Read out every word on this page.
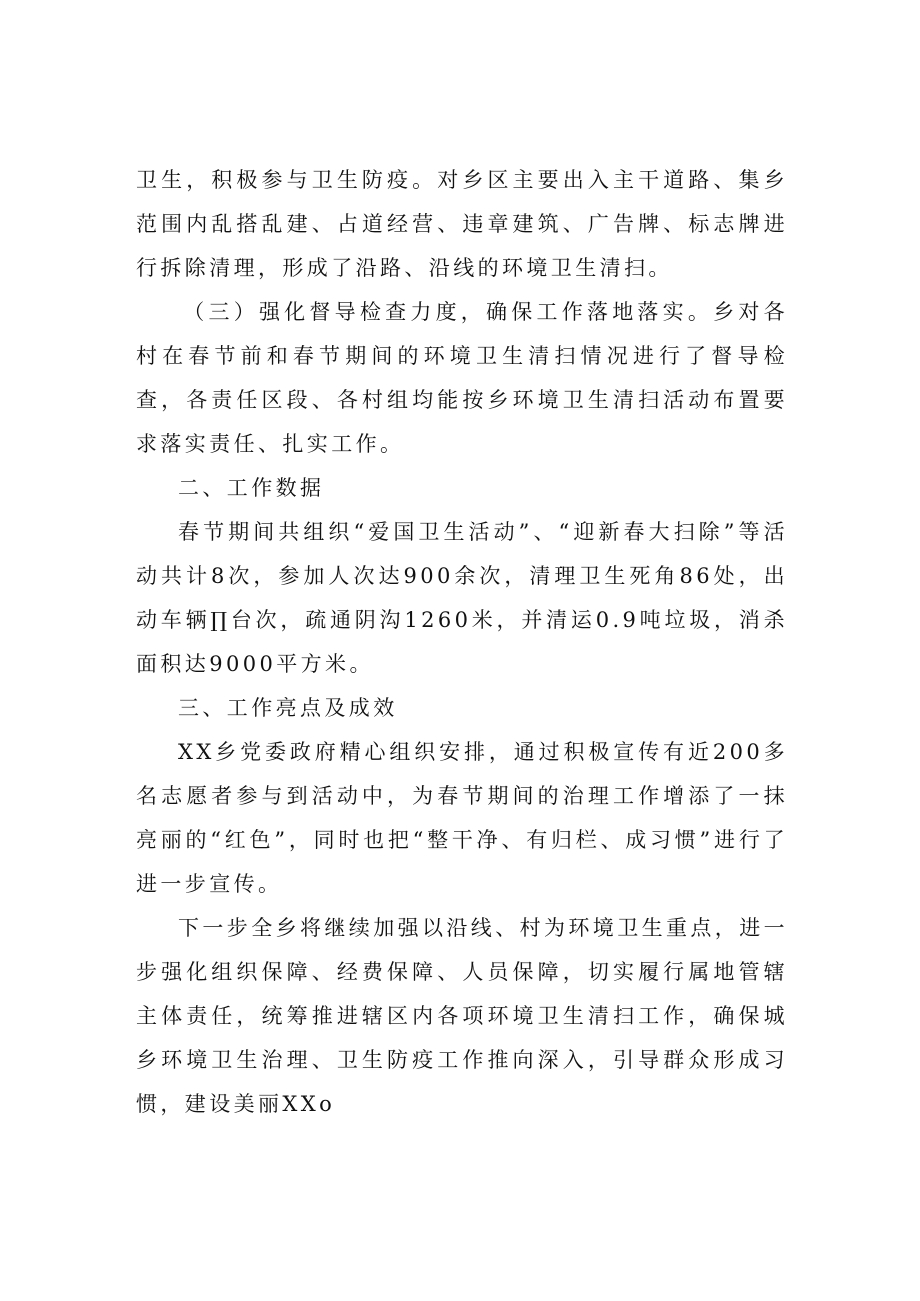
卫生，积极参与卫生防疫。对乡区主要出入主干道路、集乡范围内乱搭乱建、占道经营、违章建筑、广告牌、标志牌进行拆除清理，形成了沿路、沿线的环境卫生清扫。

（三）强化督导检查力度，确保工作落地落实。乡对各村在春节前和春节期间的环境卫生清扫情况进行了督导检查，各责任区段、各村组均能按乡环境卫生清扫活动布置要求落实责任、扎实工作。

二、工作数据

春节期间共组织“爱国卫生活动”、“迎新春大扫除”等活动共计8次，参加人次达900余次，清理卫生死角86处，出动车辆∏台次，疏通阴沟1260米，并清运0.9吨垃圾，消杀面积达9000平方米。

三、工作亮点及成效

XX乡党委政府精心组织安排，通过积极宣传有近200多名志愿者参与到活动中，为春节期间的治理工作增添了一抹亮丽的“红色”，同时也把“整干净、有归栏、成习惯”进行了进一步宣传。

下一步全乡将继续加强以沿线、村为环境卫生重点，进一步强化组织保障、经费保障、人员保障，切实履行属地管辖主体责任，统筹推进辖区内各项环境卫生清扫工作，确保城乡环境卫生治理、卫生防疫工作推向深入，引导群众形成习惯，建设美丽XXo
